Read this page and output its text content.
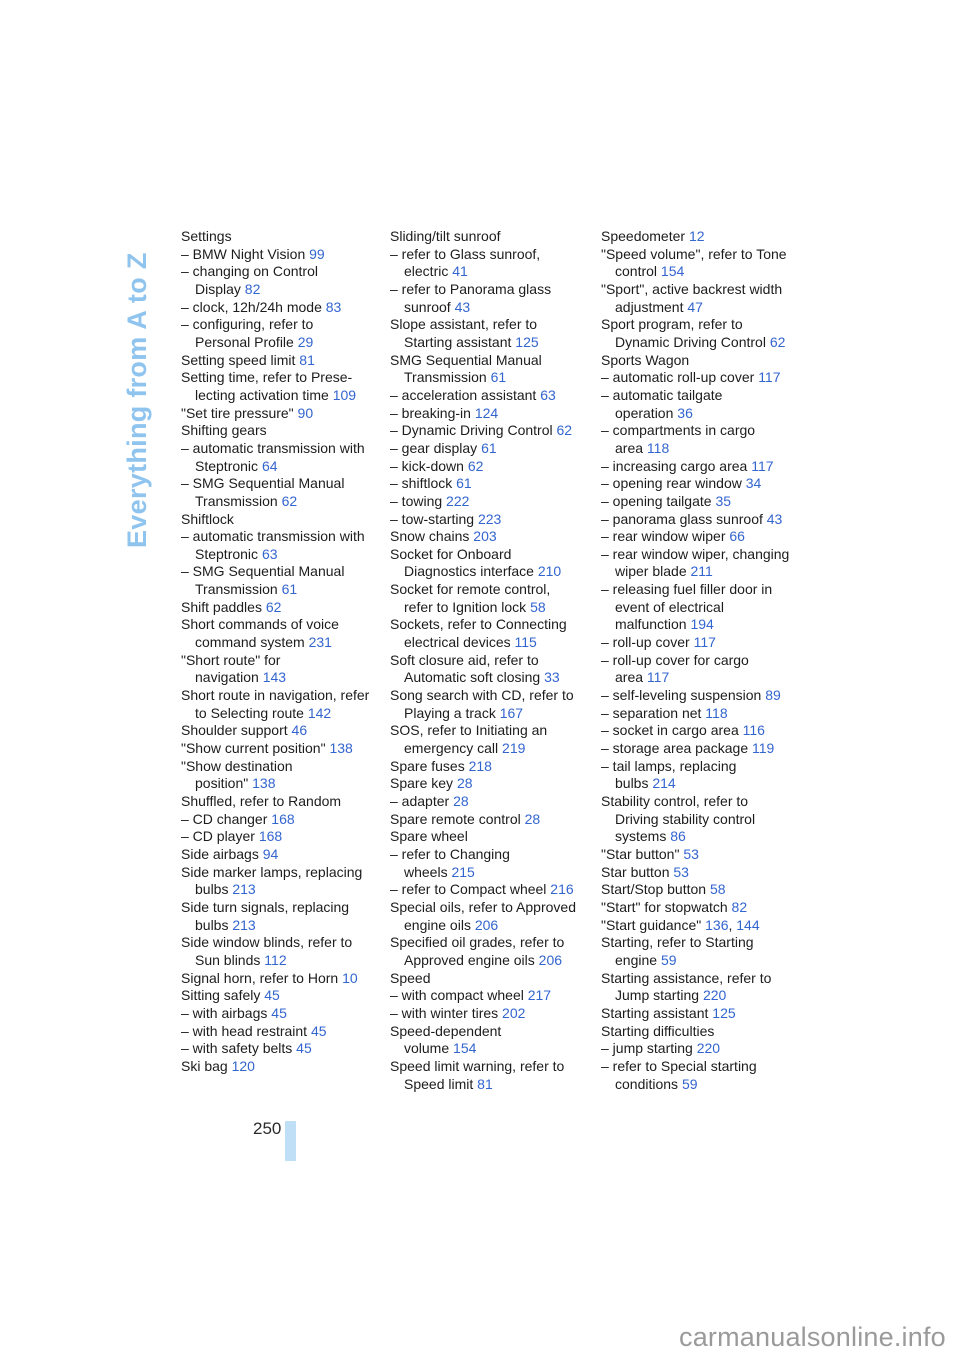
Everything from A to Z
Settings
– BMW Night Vision 99
– changing on Control
Display 82
– clock, 12h/24h mode 83
– configuring, refer to
Personal Profile 29
Setting speed limit 81
Setting time, refer to Prese-
lecting activation time 109
"Set tire pressure" 90
Shifting gears
– automatic transmission with
Steptronic 64
– SMG Sequential Manual
Transmission 62
Shiftlock
– automatic transmission with
Steptronic 63
– SMG Sequential Manual
Transmission 61
Shift paddles 62
Short commands of voice
command system 231
"Short route" for
navigation 143
Short route in navigation, refer
to Selecting route 142
Shoulder support 46
"Show current position" 138
"Show destination
position" 138
Shuffled, refer to Random
– CD changer 168
– CD player 168
Side airbags 94
Side marker lamps, replacing
bulbs 213
Side turn signals, replacing
bulbs 213
Side window blinds, refer to
Sun blinds 112
Signal horn, refer to Horn 10
Sitting safely 45
– with airbags 45
– with head restraint 45
– with safety belts 45
Ski bag 120
Sliding/tilt sunroof
– refer to Glass sunroof,
electric 41
– refer to Panorama glass
sunroof 43
Slope assistant, refer to
Starting assistant 125
SMG Sequential Manual
Transmission 61
– acceleration assistant 63
– breaking-in 124
– Dynamic Driving Control 62
– gear display 61
– kick-down 62
– shiftlock 61
– towing 222
– tow-starting 223
Snow chains 203
Socket for Onboard
Diagnostics interface 210
Socket for remote control,
refer to Ignition lock 58
Sockets, refer to Connecting
electrical devices 115
Soft closure aid, refer to
Automatic soft closing 33
Song search with CD, refer to
Playing a track 167
SOS, refer to Initiating an
emergency call 219
Spare fuses 218
Spare key 28
– adapter 28
Spare remote control 28
Spare wheel
– refer to Changing
wheels 215
– refer to Compact wheel 216
Special oils, refer to Approved
engine oils 206
Specified oil grades, refer to
Approved engine oils 206
Speed
– with compact wheel 217
– with winter tires 202
Speed-dependent
volume 154
Speed limit warning, refer to
Speed limit 81
Speedometer 12
"Speed volume", refer to Tone
control 154
"Sport", active backrest width
adjustment 47
Sport program, refer to
Dynamic Driving Control 62
Sports Wagon
– automatic roll-up cover 117
– automatic tailgate
operation 36
– compartments in cargo
area 118
– increasing cargo area 117
– opening rear window 34
– opening tailgate 35
– panorama glass sunroof 43
– rear window wiper 66
– rear window wiper, changing
wiper blade 211
– releasing fuel filler door in
event of electrical
malfunction 194
– roll-up cover 117
– roll-up cover for cargo
area 117
– self-leveling suspension 89
– separation net 118
– socket in cargo area 116
– storage area package 119
– tail lamps, replacing
bulbs 214
Stability control, refer to
Driving stability control
systems 86
"Star button" 53
Star button 53
Start/Stop button 58
"Start" for stopwatch 82
"Start guidance" 136, 144
Starting, refer to Starting
engine 59
Starting assistance, refer to
Jump starting 220
Starting assistant 125
Starting difficulties
– jump starting 220
– refer to Special starting
conditions 59
250
carmanualsonline.info
